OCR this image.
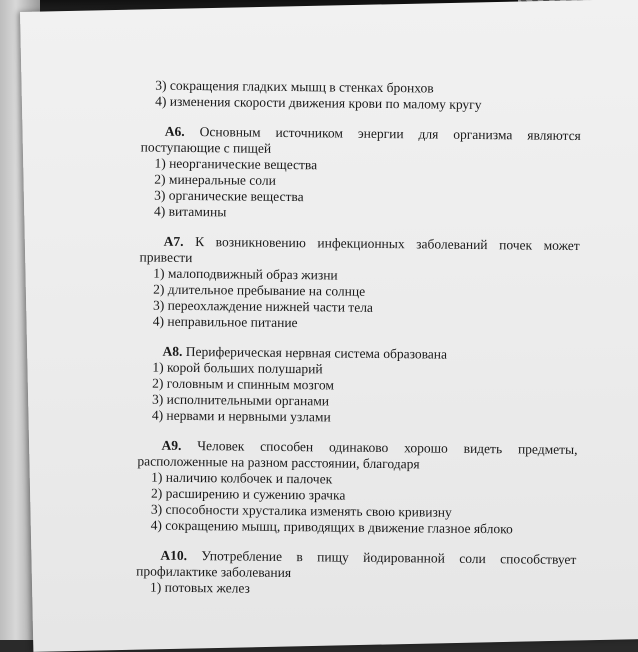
3) сокращения гладких мышц в стенках бронхов
4) изменения скорости движения крови по малому кругу
А6. Основным источником энергии для организма являются поступающие с пищей
1) неорганические вещества
2) минеральные соли
3) органические вещества
4) витамины
А7. К возникновению инфекционных заболеваний почек может привести
1) малоподвижный образ жизни
2) длительное пребывание на солнце
3) переохлаждение нижней части тела
4) неправильное питание
А8. Периферическая нервная система образована
1) корой больших полушарий
2) головным и спинным мозгом
3) исполнительными органами
4) нервами и нервными узлами
А9. Человек способен одинаково хорошо видеть предметы, расположенные на разном расстоянии, благодаря
1) наличию колбочек и палочек
2) расширению и сужению зрачка
3) способности хрусталика изменять свою кривизну
4) сокращению мышц, приводящих в движение глазное яблоко
А10. Употребление в пищу йодированной соли способствует профилактике заболевания
1) потовых желез
